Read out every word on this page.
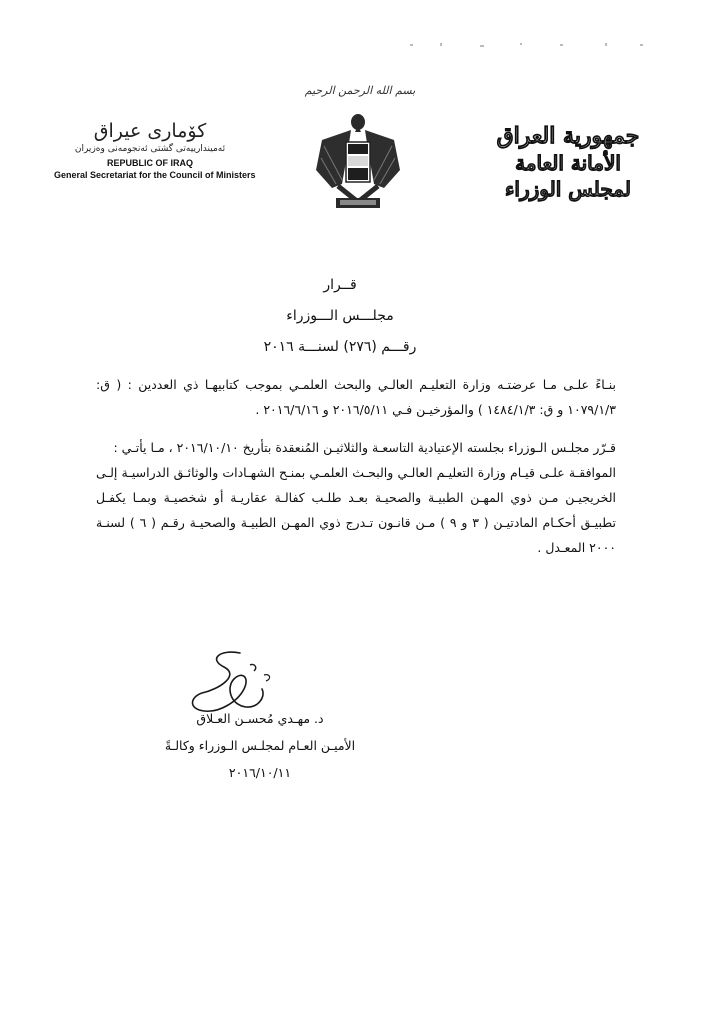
بسم الله الرحمن الرحيم
كۆماری عیراق
ئەمیندارییەتی گشتی ئەنجومەنی وەزیران
REPUBLIC OF IRAQ
General Secretariat for the Council of Ministers
جمهورية العراق
الأمانة العامة لمجلس الوزراء
قــرار
مجلـــس الـــوزراء
رقـــم (٢٧٦) لسنـــة ٢٠١٦

بنـاءً علـى مـا عرضتـه وزارة التعليـم العالـي والبحث العلمـي بموجب كتابيهـا ذي العددين : ( ق: ١٠٧٩/١/٣ و ق: ١٤٨٤/١/٣ ) والمؤرخيـن فـي ٢٠١٦/٥/١١ و ٢٠١٦/٦/١٦ .

قـرّر مجلـس الـوزراء بجلسته الإعتيادية التاسعـة والثلاثيـن المُنعقدة بتأريخ ٢٠١٦/١٠/١٠ ، مـا يأتـي :

الموافقـة علـى قيـام وزارة التعليـم العالـي والبحـث العلمـي بمنـح الشهـادات والوثائـق الدراسيـة إلـى الخريجيـن مـن ذوي المهـن الطبيـة والصحيـة بعـد طلـب كفالـة عقاريـة أو شخصيـة وبمـا يكفـل تطبيـق أحكـام المادتيـن ( ٣ و ٩ ) مـن قانـون تـدرج ذوي المهـن الطبيـة والصحيـة رقـم ( ٦ ) لسنـة ٢٠٠٠ المعـدل .

د. مهـدي مُحسـن العـلاق
الأميـن العـام لمجلـس الـوزراء وكالـةً
٢٠١٦/١٠/١١
